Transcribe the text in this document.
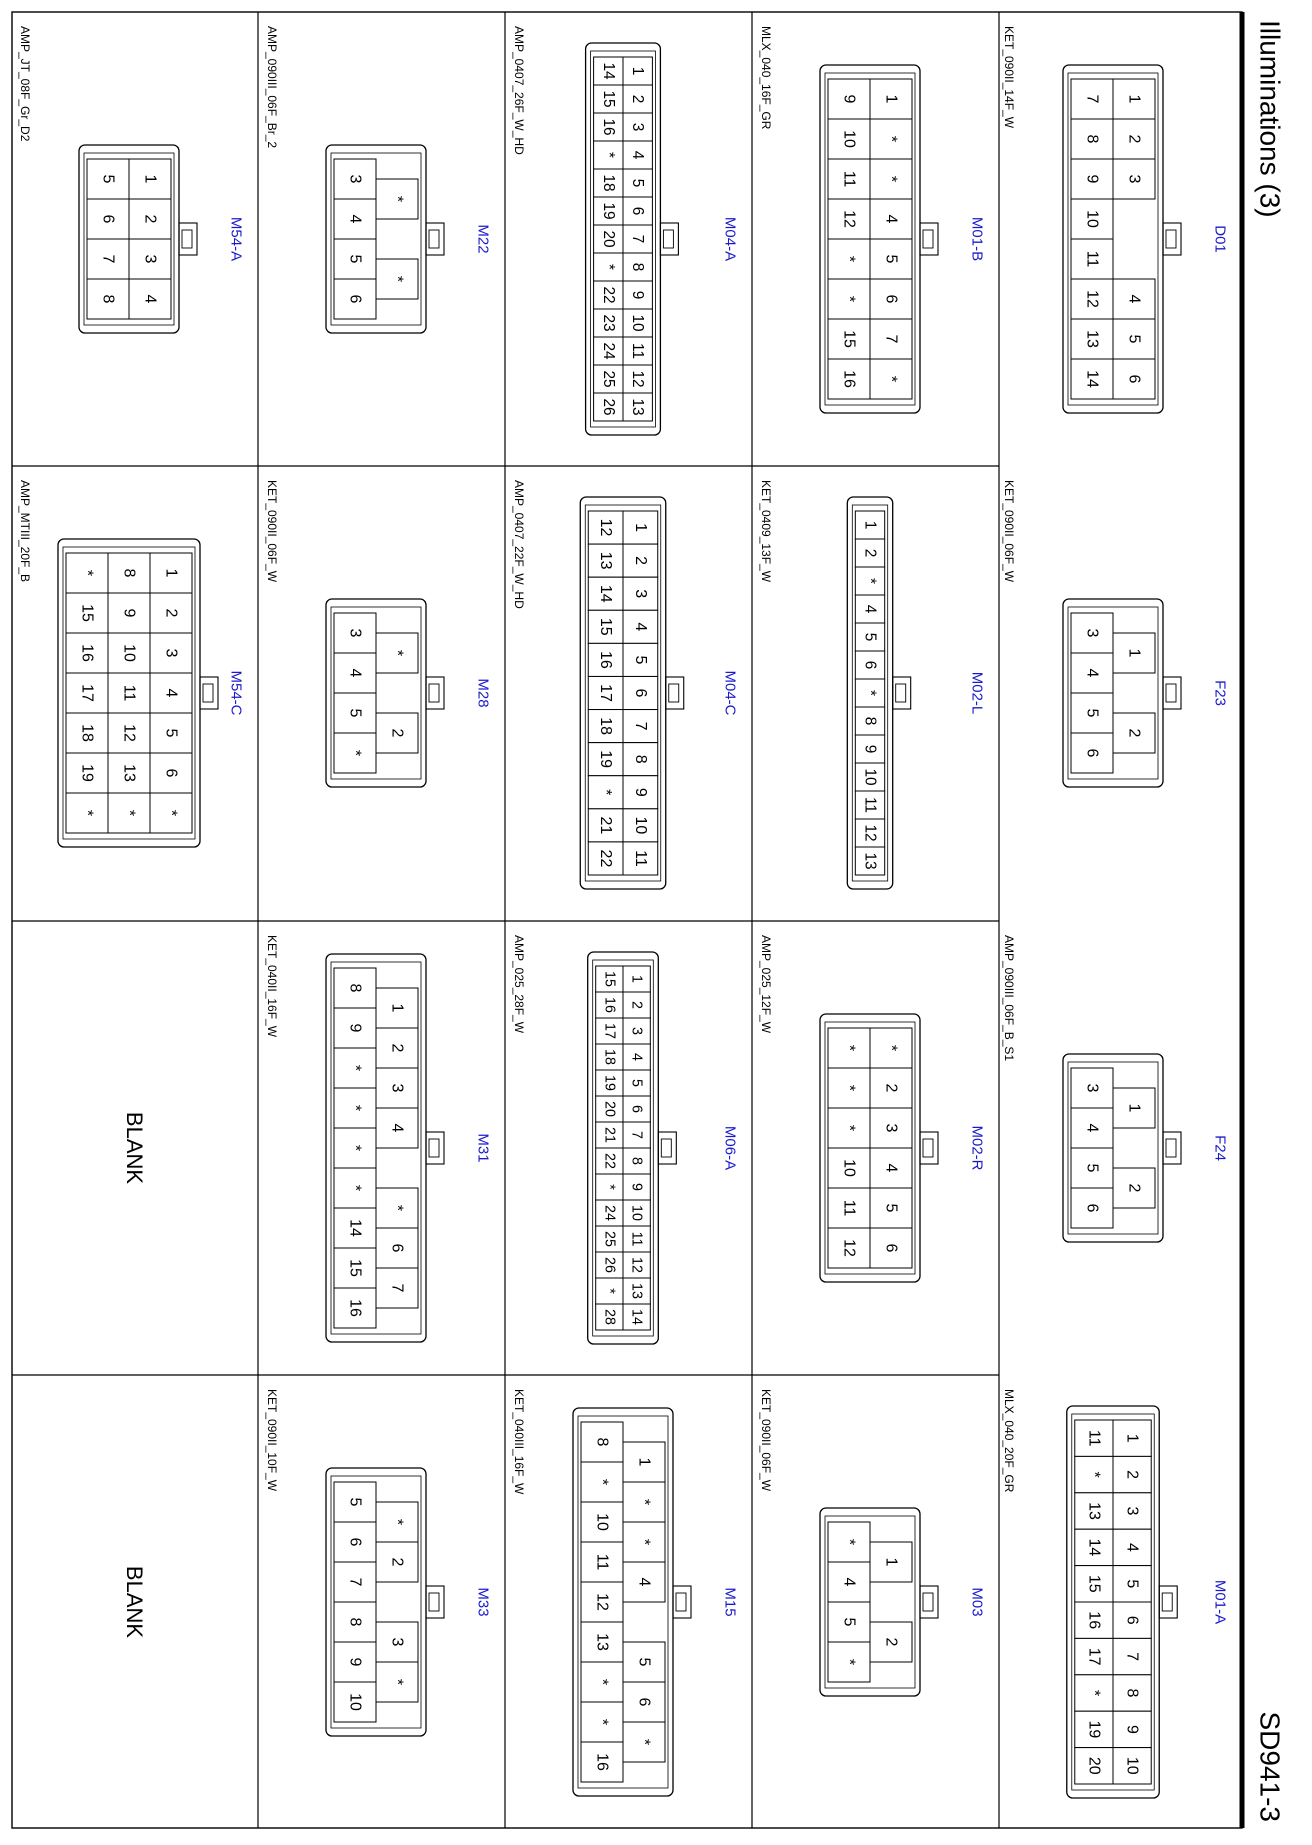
Illuminations (3)
SD941-3
D01
KET_090II_14F_W	1
2
3
4
5
6
7
8
9
10
11
12
13
14
F23
KET_090II_06F_W
1
2
3
4
5
6
F24
AMP_090III_06F_B_S1
1
2
3
4
5
6
M01-A
MLX_040_20F_GR	1
2
3
4
5
6
7
8
9
10
11
*
13
14
15
16
17
*
19
20
M01-B
MLX_040_16F_GR	1
*
*
4
5
6
7
*
9
10
11
12
*
*
15
16
M02-L
KET_0409_13F_W	1
2
*
4
5
6
*
8
9
10
11
12
13
M02-R
AMP_025_12F_W
*
2
3
4
5
6
*
*
*
10
11
12
M03
KET_090II_06F_W
1
2
*
4
5
*
M04-A
AMP_0407_26F_W_HD	1
2
3
4
5
6
7
8
9
10
11
12
13
14
15
16
*
18
19
20
*
22
23
24
25
26
M04-C
AMP_0407_22F_W_HD	1
2
3
4
5
6
7
8
9
10
11
12
13
14
15
16
17
18
19
*
21
22
M06-A
AMP_025_28F_W	1
2
3
4
5
6
7
8
9
10
11
12
13
14
15
16
17
18
19
20
21
22
*
24
25
26
*
28
M15
KET_040III_16F_W	1
*
*
4
5
6
*
8
*
10
11
12
13
*
*
16
M22
AMP_090III_06F_Br_2
*
*
3
4
5
6
M28
KET_090II_06F_W
*
2
3
4
5
*
M31
KET_040II_16F_W	1
2
3
4
*
6
7
8
9
*
*
*
*
14
15
16
M33
KET_090II_10F_W
*
2
3
*
5
6
7
8
9
10
M54-A
AMP_JT_08F_Gr_D2
1
2
3
4
5
6
7
8
M54-C
AMP_MTIII_20F_B	1
2
3
4
5
6
*
8
9
10
11
12
13
*
*
15
16
17
18
19
*
BLANK
BLANK
